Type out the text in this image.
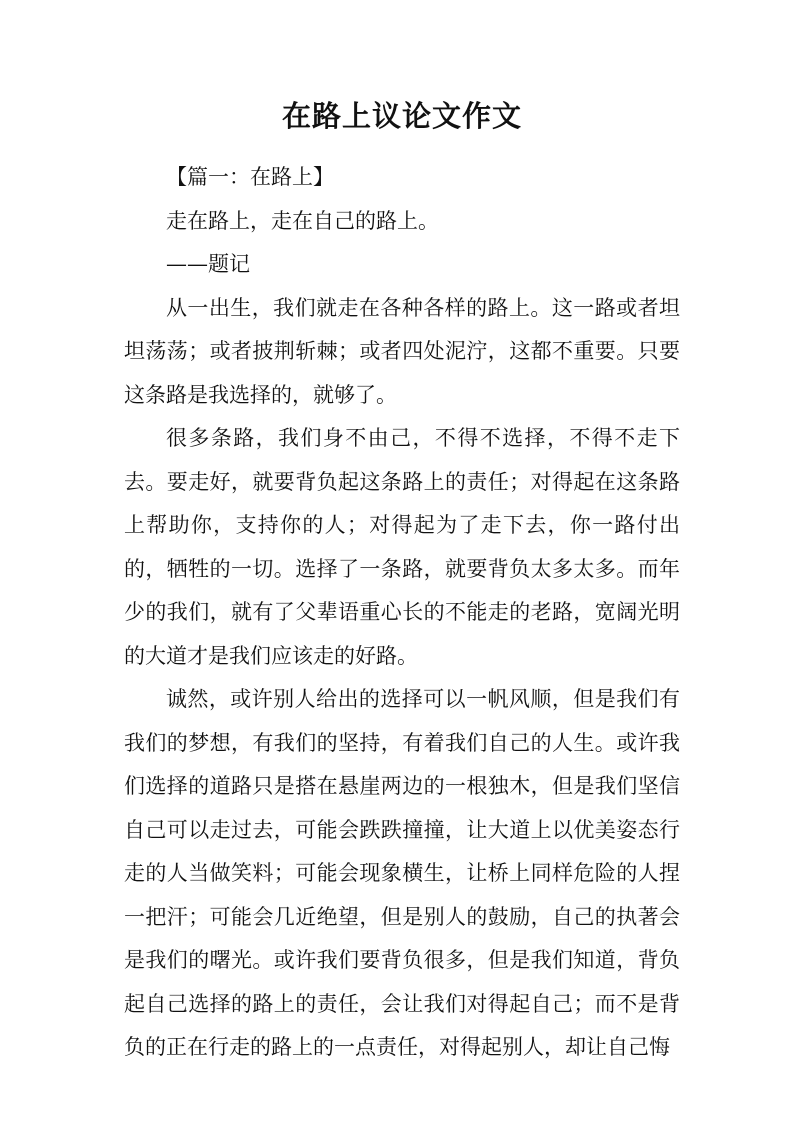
在路上议论文作文

【篇一：在路上】

走在路上，走在自己的路上。

——题记

从一出生，我们就走在各种各样的路上。这一路或者坦坦荡荡；或者披荆斩棘；或者四处泥泞，这都不重要。只要这条路是我选择的，就够了。

很多条路，我们身不由己，不得不选择，不得不走下去。要走好，就要背负起这条路上的责任；对得起在这条路上帮助你，支持你的人；对得起为了走下去，你一路付出的，牺牲的一切。选择了一条路，就要背负太多太多。而年少的我们，就有了父辈语重心长的不能走的老路，宽阔光明的大道才是我们应该走的好路。

诚然，或许别人给出的选择可以一帆风顺，但是我们有我们的梦想，有我们的坚持，有着我们自己的人生。或许我们选择的道路只是搭在悬崖两边的一根独木，但是我们坚信自己可以走过去，可能会跌跌撞撞，让大道上以优美姿态行走的人当做笑料；可能会现象横生，让桥上同样危险的人捏一把汗；可能会几近绝望，但是别人的鼓励，自己的执著会是我们的曙光。或许我们要背负很多，但是我们知道，背负起自己选择的路上的责任，会让我们对得起自己；而不是背负的正在行走的路上的一点责任，对得起别人，却让自己悔
